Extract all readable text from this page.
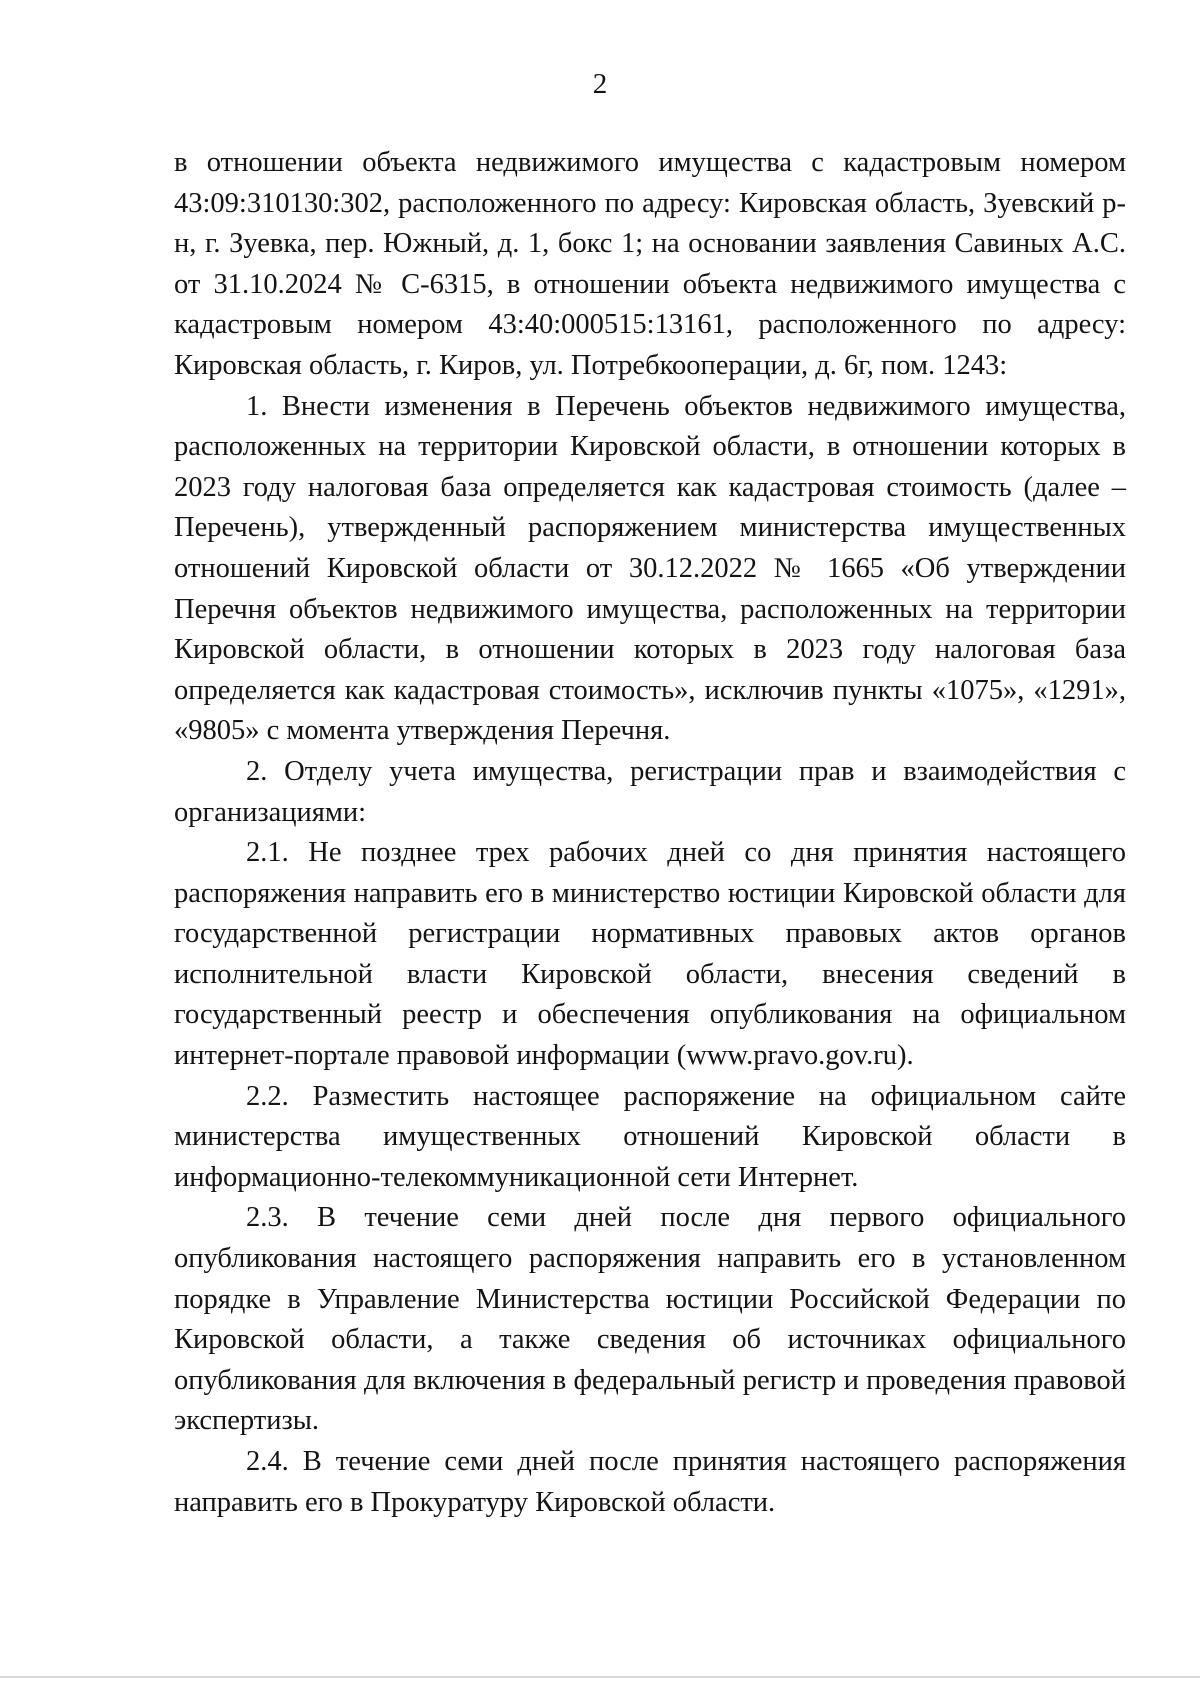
2

в отношении объекта недвижимого имущества с кадастровым номером 43:09:310130:302, расположенного по адресу: Кировская область, Зуевский р-н, г. Зуевка, пер. Южный, д. 1, бокс 1; на основании заявления Савиных А.С. от 31.10.2024 № С-6315, в отношении объекта недвижимого имущества с кадастровым номером 43:40:000515:13161, расположенного по адресу: Кировская область, г. Киров, ул. Потребкооперации, д. 6г, пом. 1243:

1. Внести изменения в Перечень объектов недвижимого имущества, расположенных на территории Кировской области, в отношении которых в 2023 году налоговая база определяется как кадастровая стоимость (далее – Перечень), утвержденный распоряжением министерства имущественных отношений Кировской области от 30.12.2022 № 1665 «Об утверждении Перечня объектов недвижимого имущества, расположенных на территории Кировской области, в отношении которых в 2023 году налоговая база определяется как кадастровая стоимость», исключив пункты «1075», «1291», «9805» с момента утверждения Перечня.

2. Отделу учета имущества, регистрации прав и взаимодействия с организациями:

2.1. Не позднее трех рабочих дней со дня принятия настоящего распоряжения направить его в министерство юстиции Кировской области для государственной регистрации нормативных правовых актов органов исполнительной власти Кировской области, внесения сведений в государственный реестр и обеспечения опубликования на официальном интернет-портале правовой информации (www.pravo.gov.ru).

2.2. Разместить настоящее распоряжение на официальном сайте министерства имущественных отношений Кировской области в информационно-телекоммуникационной сети Интернет.

2.3. В течение семи дней после дня первого официального опубликования настоящего распоряжения направить его в установленном порядке в Управление Министерства юстиции Российской Федерации по Кировской области, а также сведения об источниках официального опубликования для включения в федеральный регистр и проведения правовой экспертизы.

2.4. В течение семи дней после принятия настоящего распоряжения направить его в Прокуратуру Кировской области.
